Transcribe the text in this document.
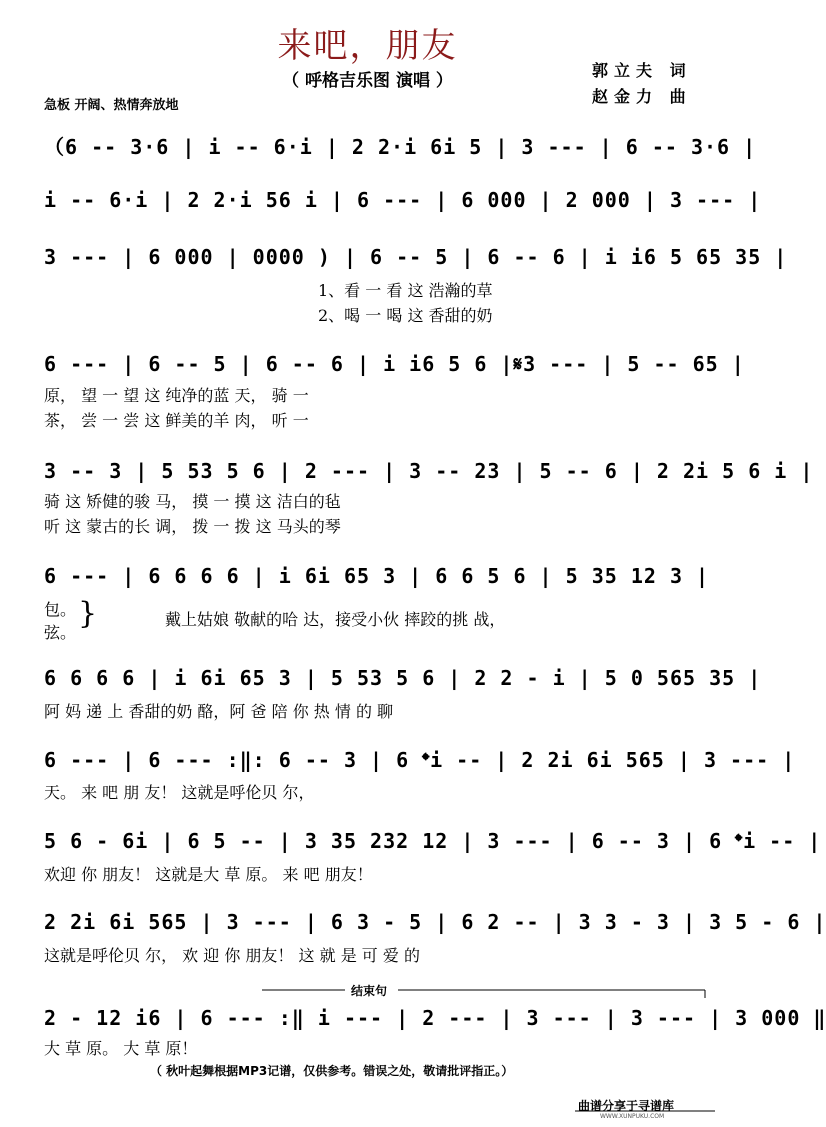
来吧，朋友
（ 呼格吉乐图 演唱 ）
郭立夫 词
赵金力 曲
急板 开阔、热情奔放地
（6 -- 3·6 | i -- 6·i | 2 2·i 6i 5 | 3 --- | 6 -- 3·6 |
i -- 6·i | 2 2·i 56 i | 6 --- | 6 000 | 2 000 | 3 --- |
3 --- | 6 000 | 0000 ) | 6 -- 5 | 6 -- 6 | i i6 5 65 35 |
1、看 一 看 这 浩瀚的草
2、喝 一 喝 这 香甜的奶
6 --- | 6 -- 5 | 6 -- 6 | i i6 5 6 |𝄋3 --- | 5 -- 65 |
原， 望 一 望 这 纯净的蓝 天， 骑 一
茶， 尝 一 尝 这 鲜美的羊 肉， 听 一
3 -- 3 | 5 53 5 6 | 2 --- | 3 -- 23 | 5 -- 6 | 2 2i 5 6 i |
骑 这 矫健的骏 马， 摸 一 摸 这 洁白的毡
听 这 蒙古的长 调， 拨 一 拨 这 马头的琴
6 --- | 6 6 6 6 | i 6i 65 3 | 6 6 5 6 | 5 35 12 3 |
包。
弦。
}	戴上姑娘 敬献的哈 达，接受小伙 摔跤的挑 战，
6 6 6 6 | i 6i 65 3 | 5 53 5 6 | 2 2 - i | 5 0 565 35 |
阿 妈 递 上 香甜的奶 酪，阿 爸 陪 你 热 情 的 聊
6 --- | 6 --- :‖: 6 -- 3 | 6 𝄌i -- | 2 2i 6i 565 | 3 --- |
天。 来 吧 朋 友！ 这就是呼伦贝 尔，
5 6 - 6i | 6 5 -- | 3 35 232 12 | 3 --- | 6 -- 3 | 6 𝄌i -- |
欢迎 你 朋友！ 这就是大 草 原。 来 吧 朋友！
2 2i 6i 565 | 3 --- | 6 3 - 5 | 6 2 -- | 3 3 - 3 | 3 5 - 6 |
这就是呼伦贝 尔， 欢 迎 你 朋友！ 这 就 是 可 爱 的
结束句
2 - 12 i6 | 6 --- :‖ i --- | 2 --- | 3 --- | 3 --- | 3 000 ‖
大 草 原。 大 草 原！
（ 秋叶起舞根据MP3记谱，仅供参考。错误之处，敬请批评指正。）
曲谱分享于寻谱库
WWW.XUNPUKU.COM
